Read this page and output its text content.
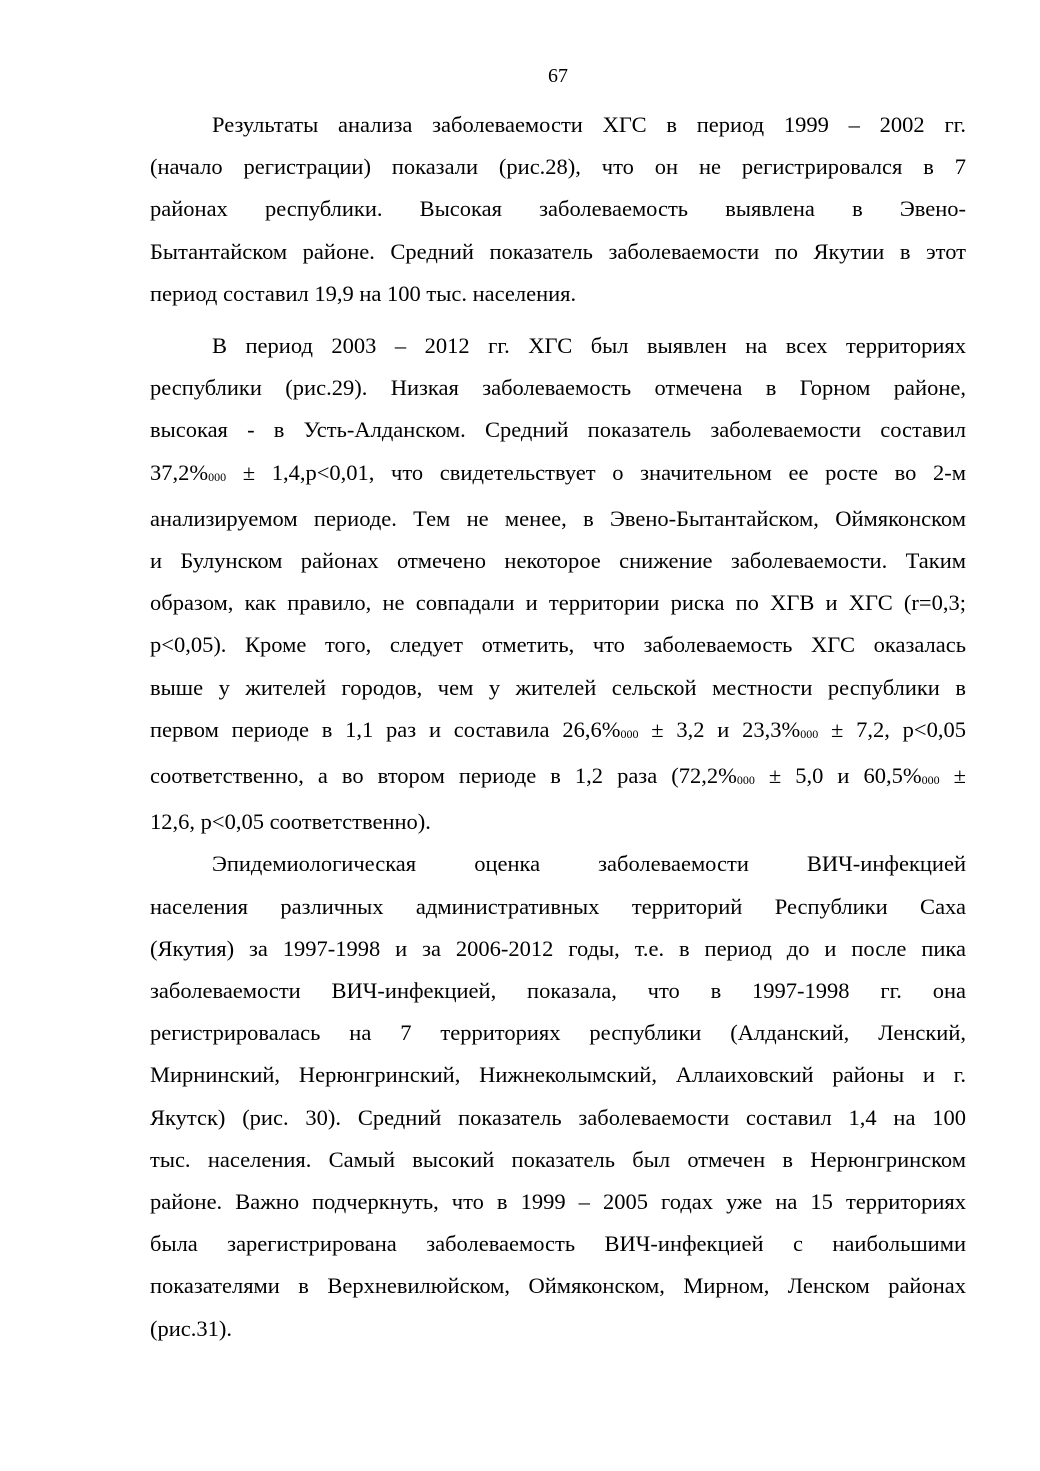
67
Результаты анализа заболеваемости ХГС в период 1999 – 2002 гг.
(начало регистрации) показали (рис.28), что он не регистрировался в 7
районах республики. Высокая заболеваемость выявлена в Эвено-
Бытантайском районе. Средний показатель заболеваемости по Якутии в этот
период составил 19,9 на 100 тыс. населения.
В период 2003 – 2012 гг. ХГС был выявлен на всех территориях
республики (рис.29). Низкая заболеваемость отмечена в Горном районе,
высокая - в Усть-Алданском. Средний показатель заболеваемости составил
$37,2\%_{000} \pm 1,4,p<0,01$, что свидетельствует о значительном ее росте во 2-м
анализируемом периоде. Тем не менее, в Эвено-Бытантайском, Оймяконском
и Булунском районах отмечено некоторое снижение заболеваемости. Таким
образом, как правило, не совпадали и территории риска по ХГВ и ХГС (r=0,3;
p<0,05). Кроме того, следует отметить, что заболеваемость ХГС оказалась
выше у жителей городов, чем у жителей сельской местности республики в
первом периоде в 1,1 раз и составила $26,6\%_{000} \pm 3,2$ и $23,3\%_{000} \pm 7,2$, p<0,05
соответственно, а во втором периоде в 1,2 раза ($72,2\%_{000} \pm 5,0$ и $60,5\%_{000}$ ±
12,6, p<0,05 соответственно).
Эпидемиологическая оценка заболеваемости ВИЧ-инфекцией
населения различных административных территорий Республики Саха
(Якутия) за 1997-1998 и за 2006-2012 годы, т.е. в период до и после пика
заболеваемости ВИЧ-инфекцией, показала, что в 1997-1998 гг. она
регистрировалась на 7 территориях республики (Алданский, Ленский,
Мирнинский, Нерюнгринский, Нижнеколымский, Аллаиховский районы и г.
Якутск) (рис. 30). Средний показатель заболеваемости составил 1,4 на 100
тыс. населения. Самый высокий показатель был отмечен в Нерюнгринском
районе. Важно подчеркнуть, что в 1999 – 2005 годах уже на 15 территориях
была зарегистрирована заболеваемость ВИЧ-инфекцией с наибольшими
показателями в Верхневилюйском, Оймяконском, Мирном, Ленском районах
(рис.31).
